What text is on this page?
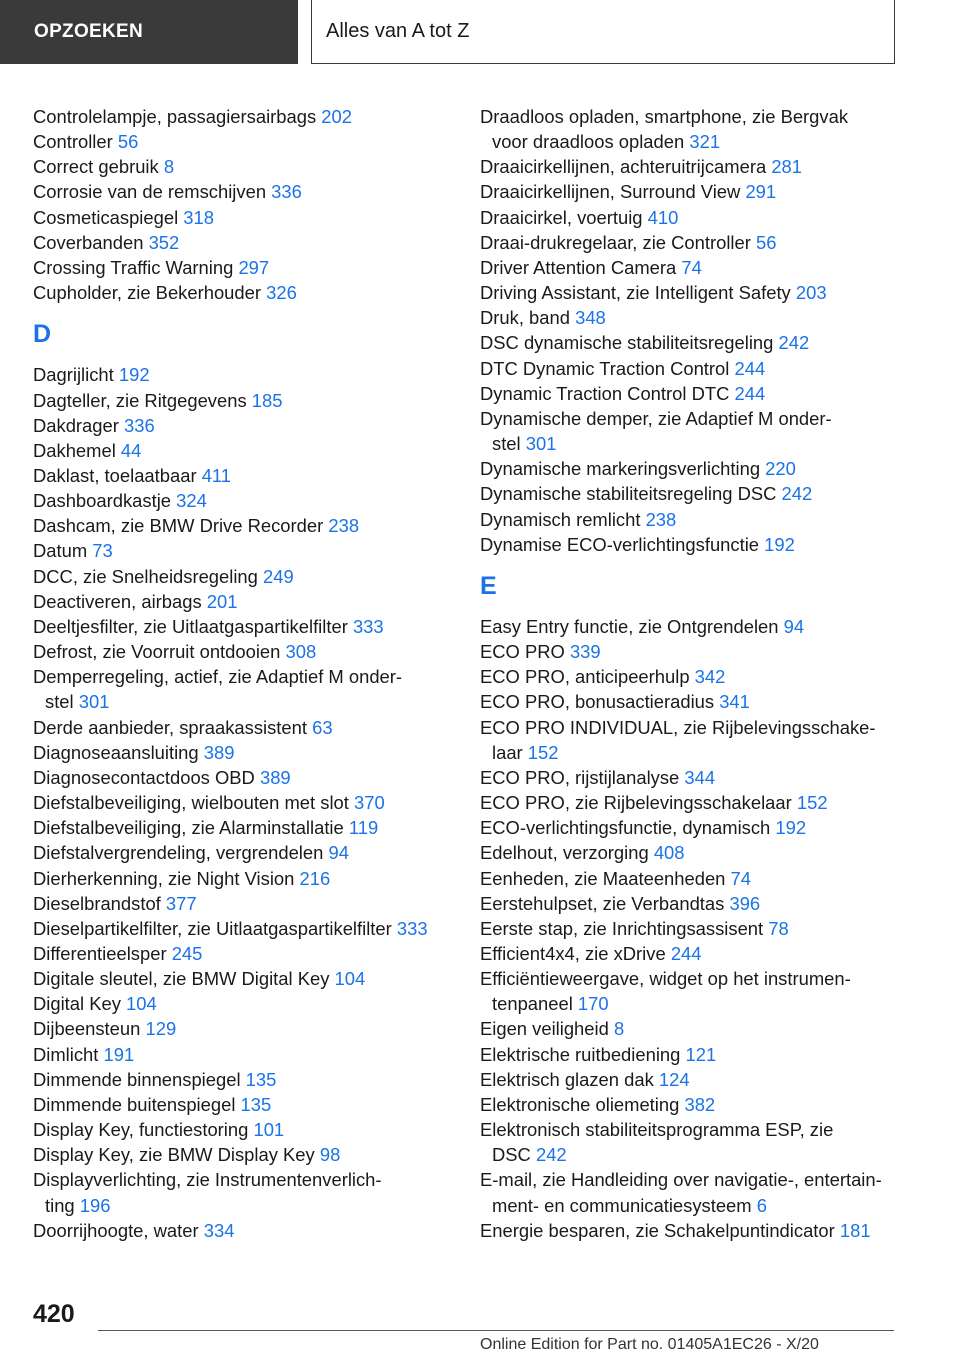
OPZOEKEN	Alles van A tot Z
Controlelampje, passagiersairbags 202
Controller 56
Correct gebruik 8
Corrosie van de remschijven 336
Cosmeticaspiegel 318
Coverbanden 352
Crossing Traffic Warning 297
Cupholder, zie Bekerhouder 326
D
Dagrijlicht 192
Dagteller, zie Ritgegevens 185
Dakdrager 336
Dakhemel 44
Daklast, toelaatbaar 411
Dashboardkastje 324
Dashcam, zie BMW Drive Recorder 238
Datum 73
DCC, zie Snelheidsregeling 249
Deactiveren, airbags 201
Deeltjesfilter, zie Uitlaatgaspartikelfilter 333
Defrost, zie Voorruit ontdooien 308
Demperregeling, actief, zie Adaptief M onder-
stel 301
Derde aanbieder, spraakassistent 63
Diagnoseaansluiting 389
Diagnosecontactdoos OBD 389
Diefstalbeveiliging, wielbouten met slot 370
Diefstalbeveiliging, zie Alarminstallatie 119
Diefstalvergrendeling, vergrendelen 94
Dierherkenning, zie Night Vision 216
Dieselbrandstof 377
Dieselpartikelfilter, zie Uitlaatgaspartikelfilter 333
Differentieelsper 245
Digitale sleutel, zie BMW Digital Key 104
Digital Key 104
Dijbeensteun 129
Dimlicht 191
Dimmende binnenspiegel 135
Dimmende buitenspiegel 135
Display Key, functiestoring 101
Display Key, zie BMW Display Key 98
Displayverlichting, zie Instrumentenverlich-
ting 196
Doorrijhoogte, water 334
Draadloos opladen, smartphone, zie Bergvak
voor draadloos opladen 321
Draaicirkellijnen, achteruitrijcamera 281
Draaicirkellijnen, Surround View 291
Draaicirkel, voertuig 410
Draai-drukregelaar, zie Controller 56
Driver Attention Camera 74
Driving Assistant, zie Intelligent Safety 203
Druk, band 348
DSC dynamische stabiliteitsregeling 242
DTC Dynamic Traction Control 244
Dynamic Traction Control DTC 244
Dynamische demper, zie Adaptief M onder-
stel 301
Dynamische markeringsverlichting 220
Dynamische stabiliteitsregeling DSC 242
Dynamisch remlicht 238
Dynamise ECO-verlichtingsfunctie 192
E
Easy Entry functie, zie Ontgrendelen 94
ECO PRO 339
ECO PRO, anticipeerhulp 342
ECO PRO, bonusactieradius 341
ECO PRO INDIVIDUAL, zie Rijbelevingsschake-
laar 152
ECO PRO, rijstijlanalyse 344
ECO PRO, zie Rijbelevingsschakelaar 152
ECO-verlichtingsfunctie, dynamisch 192
Edelhout, verzorging 408
Eenheden, zie Maateenheden 74
Eerstehulpset, zie Verbandtas 396
Eerste stap, zie Inrichtingsassisent 78
Efficient4x4, zie xDrive 244
Efficiëntieweergave, widget op het instrumen-
tenpaneel 170
Eigen veiligheid 8
Elektrische ruitbediening 121
Elektrisch glazen dak 124
Elektronische oliemeting 382
Elektronisch stabiliteitsprogramma ESP, zie
DSC 242
E-mail, zie Handleiding over navigatie-, entertain-
ment- en communicatiesysteem 6
Energie besparen, zie Schakelpuntindicator 181
420
Online Edition for Part no. 01405A1EC26 - X/20
